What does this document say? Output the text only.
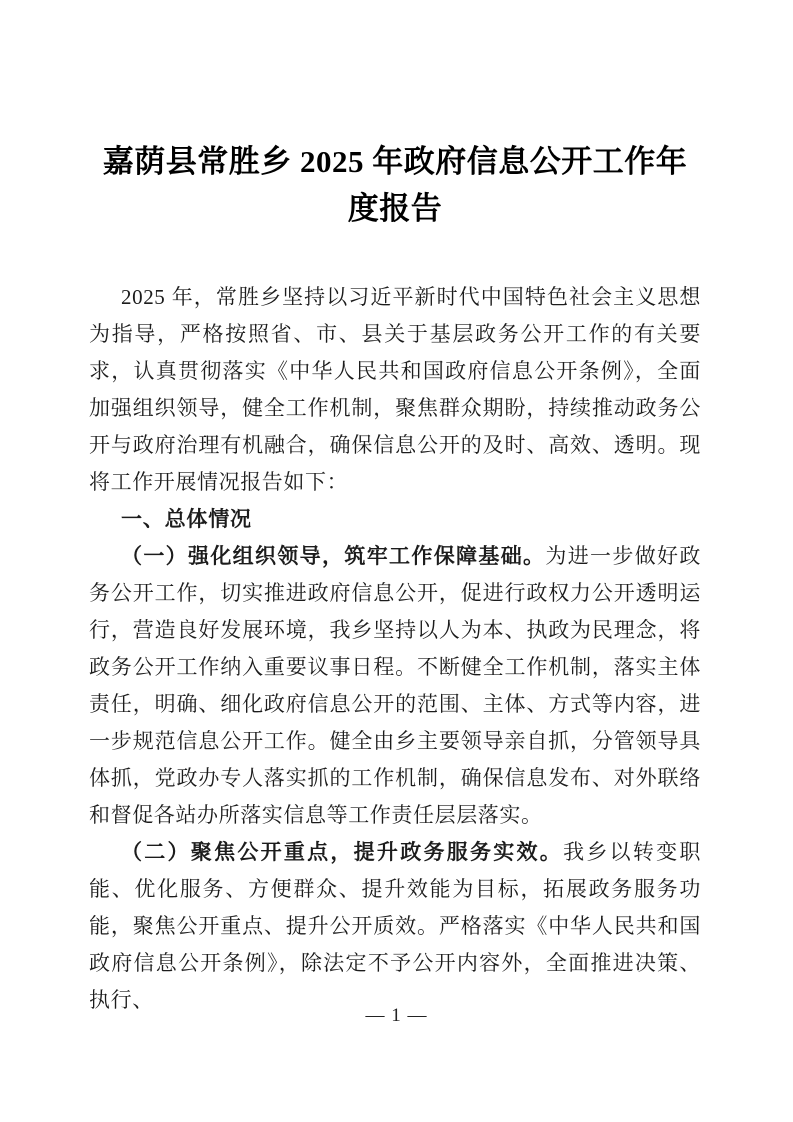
嘉荫县常胜乡 2025 年政府信息公开工作年度报告

2025 年，常胜乡坚持以习近平新时代中国特色社会主义思想为指导，严格按照省、市、县关于基层政务公开工作的有关要求，认真贯彻落实《中华人民共和国政府信息公开条例》，全面加强组织领导，健全工作机制，聚焦群众期盼，持续推动政务公开与政府治理有机融合，确保信息公开的及时、高效、透明。现将工作开展情况报告如下：

一、总体情况

（一）强化组织领导，筑牢工作保障基础。为进一步做好政务公开工作，切实推进政府信息公开，促进行政权力公开透明运行，营造良好发展环境，我乡坚持以人为本、执政为民理念，将政务公开工作纳入重要议事日程。不断健全工作机制，落实主体责任，明确、细化政府信息公开的范围、主体、方式等内容，进一步规范信息公开工作。健全由乡主要领导亲自抓，分管领导具体抓，党政办专人落实抓的工作机制，确保信息发布、对外联络和督促各站办所落实信息等工作责任层层落实。

（二）聚焦公开重点，提升政务服务实效。我乡以转变职能、优化服务、方便群众、提升效能为目标，拓展政务服务功能，聚焦公开重点、提升公开质效。严格落实《中华人民共和国政府信息公开条例》，除法定不予公开内容外，全面推进决策、执行、

— 1 —
